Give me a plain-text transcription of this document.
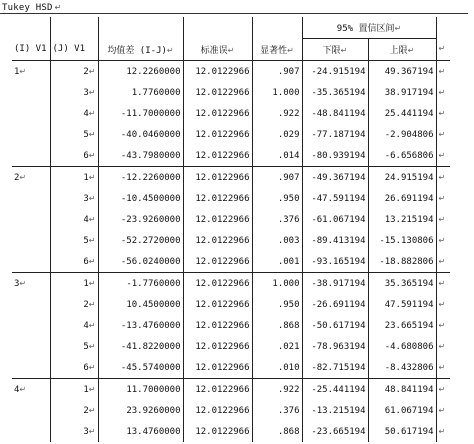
Tukey HSD ↵
					95% 置信区间↵		
(I) V1	(J) V1	均值差 (I-J)↵	标准误↵	显著性↵	下限↵	上限↵	↵
1↵	2↵	12.2260000	12.0122966	.907	-24.915194	49.367194	↵
	3↵	1.7760000	12.0122966	1.000	-35.365194	38.917194	↵
	4↵	-11.7000000	12.0122966	.922	-48.841194	25.441194	↵
	5↵	-40.0460000	12.0122966	.029	-77.187194	-2.904806	↵
	6↵	-43.7980000	12.0122966	.014	-80.939194	-6.656806	↵
2↵	1↵	-12.2260000	12.0122966	.907	-49.367194	24.915194	↵
	3↵	-10.4500000	12.0122966	.950	-47.591194	26.691194	↵
	4↵	-23.9260000	12.0122966	.376	-61.067194	13.215194	↵
	5↵	-52.2720000	12.0122966	.003	-89.413194	-15.130806	↵
	6↵	-56.0240000	12.0122966	.001	-93.165194	-18.882806	↵
3↵	1↵	-1.7760000	12.0122966	1.000	-38.917194	35.365194	↵
	2↵	10.4500000	12.0122966	.950	-26.691194	47.591194	↵
	4↵	-13.4760000	12.0122966	.868	-50.617194	23.665194	↵
	5↵	-41.8220000	12.0122966	.021	-78.963194	-4.680806	↵
	6↵	-45.5740000	12.0122966	.010	-82.715194	-8.432806	↵
4↵	1↵	11.7000000	12.0122966	.922	-25.441194	48.841194	↵
	2↵	23.9260000	12.0122966	.376	-13.215194	61.067194	↵
	3↵	13.4760000	12.0122966	.868	-23.665194	50.617194	↵
